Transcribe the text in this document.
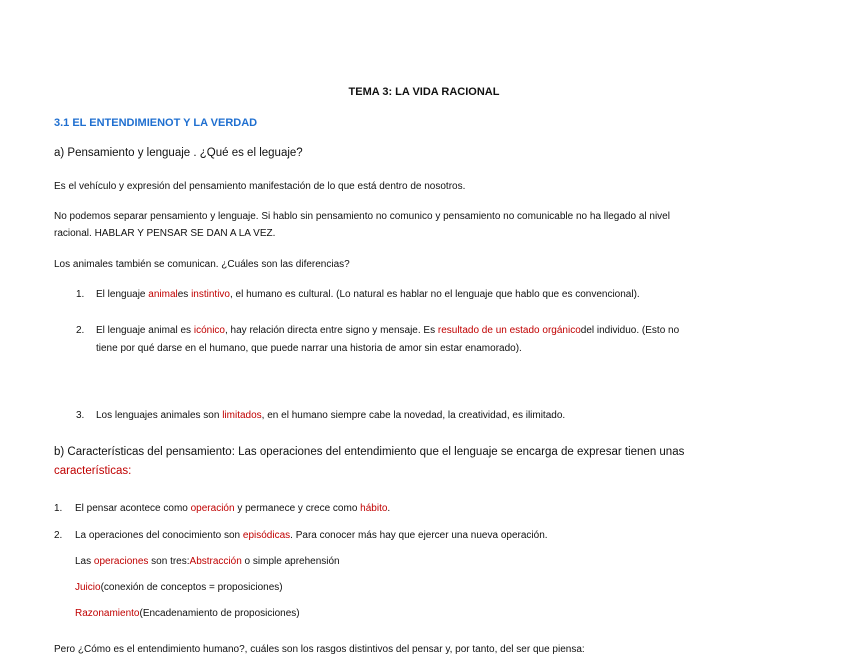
TEMA 3: LA VIDA RACIONAL

3.1 EL ENTENDIMIENOT Y LA VERDAD

a) Pensamiento y lenguaje . ¿Qué es el leguaje?

Es el vehículo y expresión del pensamiento manifestación de lo que está dentro de nosotros.

No podemos separar pensamiento y lenguaje. Si hablo sin pensamiento no comunico y pensamiento no comunicable no ha llegado al nivel

racional. HABLAR Y PENSAR SE DAN A LA VEZ.

Los animales también se comunican. ¿Cuáles son las diferencias?

1. El lenguaje animales instintivo, el humano es cultural. (Lo natural es hablar no el lenguaje que hablo que es convencional).

2. El lenguaje animal es icónico, hay relación directa entre signo y mensaje. Es resultado de un estado orgánicodel individuo. (Esto no

tiene por qué darse en el humano, que puede narrar una historia de amor sin estar enamorado).

3. Los lenguajes animales son limitados, en el humano siempre cabe la novedad, la creatividad, es ilimitado.

b) Características del pensamiento: Las operaciones del entendimiento que el lenguaje se encarga de expresar tienen unas

características:

1. El pensar acontece como operación y permanece y crece como hábito.

2. La operaciones del conocimiento son episódicas. Para conocer más hay que ejercer una nueva operación.

Las operaciones son tres:Abstracción o simple aprehensión

Juicio(conexión de conceptos = proposiciones)

Razonamiento(Encadenamiento de proposiciones)

Pero ¿Cómo es el entendimiento humano?, cuáles son los rasgos distintivos del pensar y, por tanto, del ser que piensa:
